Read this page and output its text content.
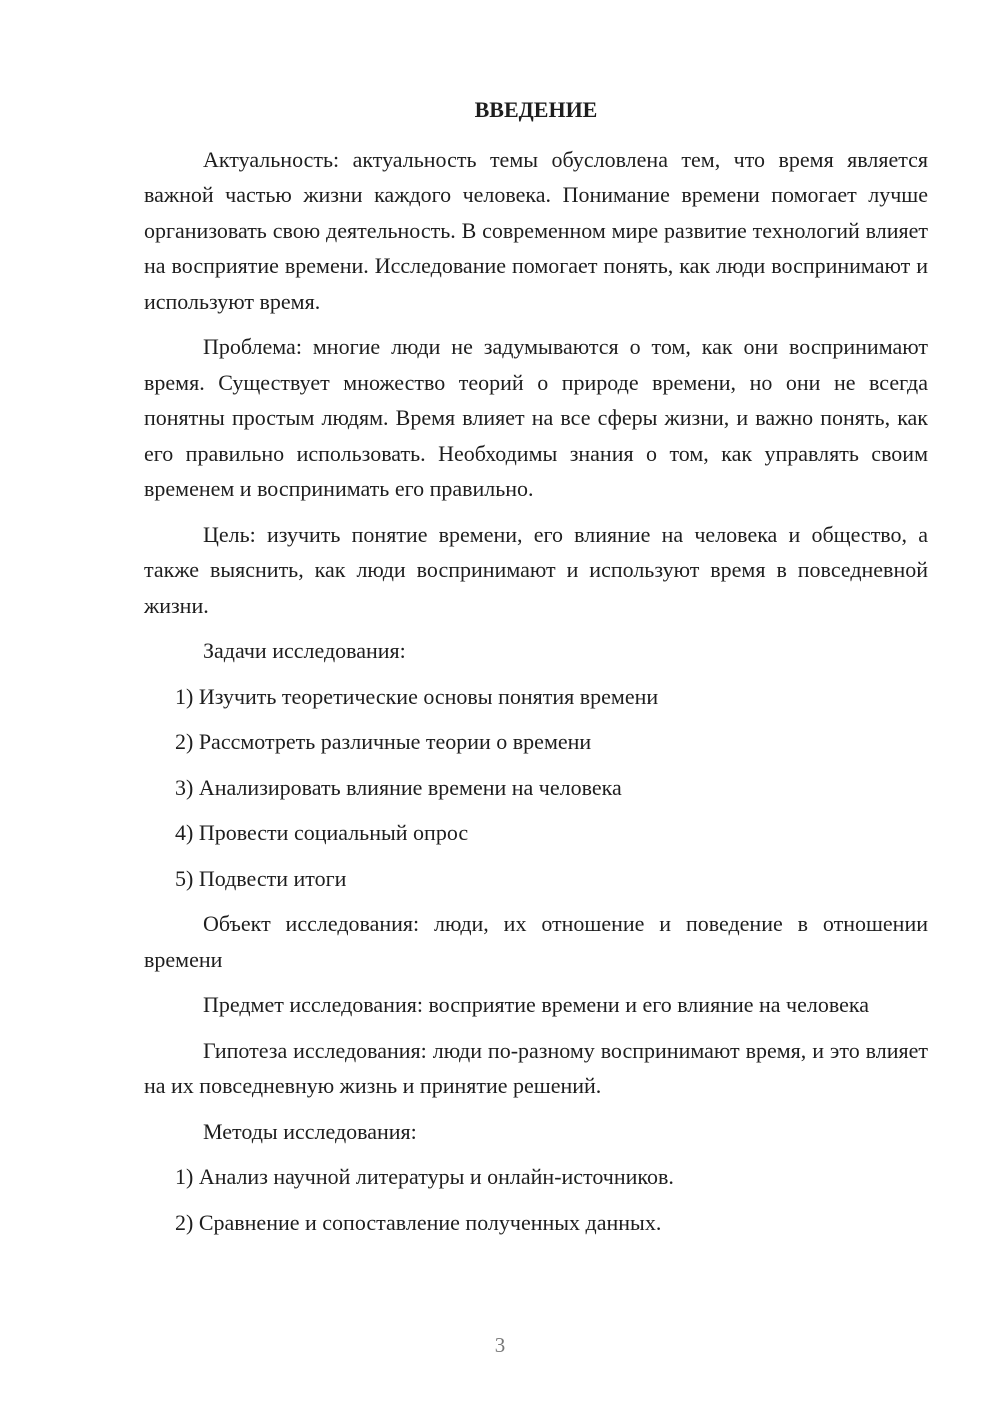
ВВЕДЕНИЕ

Актуальность: актуальность темы обусловлена тем, что время является важной частью жизни каждого человека. Понимание времени помогает лучше организовать свою деятельность. В современном мире развитие технологий влияет на восприятие времени. Исследование помогает понять, как люди воспринимают и используют время.

Проблема: многие люди не задумываются о том, как они воспринимают время. Существует множество теорий о природе времени, но они не всегда понятны простым людям. Время влияет на все сферы жизни, и важно понять, как его правильно использовать. Необходимы знания о том, как управлять своим временем и воспринимать его правильно.

Цель: изучить понятие времени, его влияние на человека и общество, а также выяснить, как люди воспринимают и используют время в повседневной жизни.

Задачи исследования:

1) Изучить теоретические основы понятия времени
2) Рассмотреть различные теории о времени
3) Анализировать влияние времени на человека
4) Провести социальный опрос
5) Подвести итоги

Объект исследования: люди, их отношение и поведение в отношении времени

Предмет исследования: восприятие времени и его влияние на человека

Гипотеза исследования: люди по-разному воспринимают время, и это влияет на их повседневную жизнь и принятие решений.

Методы исследования:

1) Анализ научной литературы и онлайн-источников.
2) Сравнение и сопоставление полученных данных.
3
